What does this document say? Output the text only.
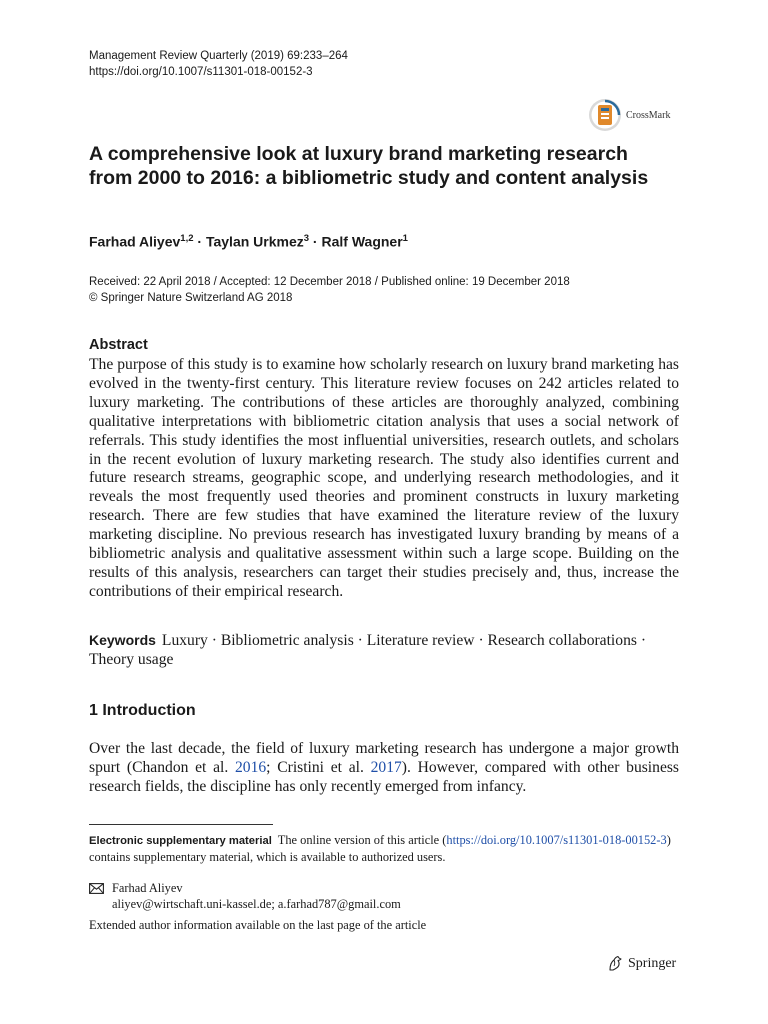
Management Review Quarterly (2019) 69:233–264
https://doi.org/10.1007/s11301-018-00152-3
CrossMark
A comprehensive look at luxury brand marketing research from 2000 to 2016: a bibliometric study and content analysis
Farhad Aliyev$^{1,2}$ · Taylan Urkmez$^3$ · Ralf Wagner$^1$
Received: 22 April 2018 / Accepted: 12 December 2018 / Published online: 19 December 2018
© Springer Nature Switzerland AG 2018
Abstract
The purpose of this study is to examine how scholarly research on luxury brand marketing has evolved in the twenty-first century. This literature review focuses on 242 articles related to luxury marketing. The contributions of these articles are thoroughly analyzed, combining qualitative interpretations with bibliometric citation analysis that uses a social network of referrals. This study identifies the most influential universities, research outlets, and scholars in the recent evolution of luxury marketing research. The study also identifies current and future research streams, geographic scope, and underlying research methodologies, and it reveals the most frequently used theories and prominent constructs in luxury marketing research. There are few studies that have examined the literature review of the luxury marketing discipline. No previous research has investigated luxury branding by means of a bibliometric analysis and qualitative assessment within such a large scope. Building on the results of this analysis, researchers can target their studies precisely and, thus, increase the contributions of their empirical research.
Keywords Luxury · Bibliometric analysis · Literature review · Research collaborations · Theory usage
1 Introduction
Over the last decade, the field of luxury marketing research has undergone a major growth spurt (Chandon et al. 2016; Cristini et al. 2017). However, compared with other business research fields, the discipline has only recently emerged from infancy.
Electronic supplementary material The online version of this article (https://doi.org/10.1007/s11301-018-00152-3) contains supplementary material, which is available to authorized users.
Farhad Aliyev
aliyev@wirtschaft.uni-kassel.de; a.farhad787@gmail.com
Extended author information available on the last page of the article
Springer
